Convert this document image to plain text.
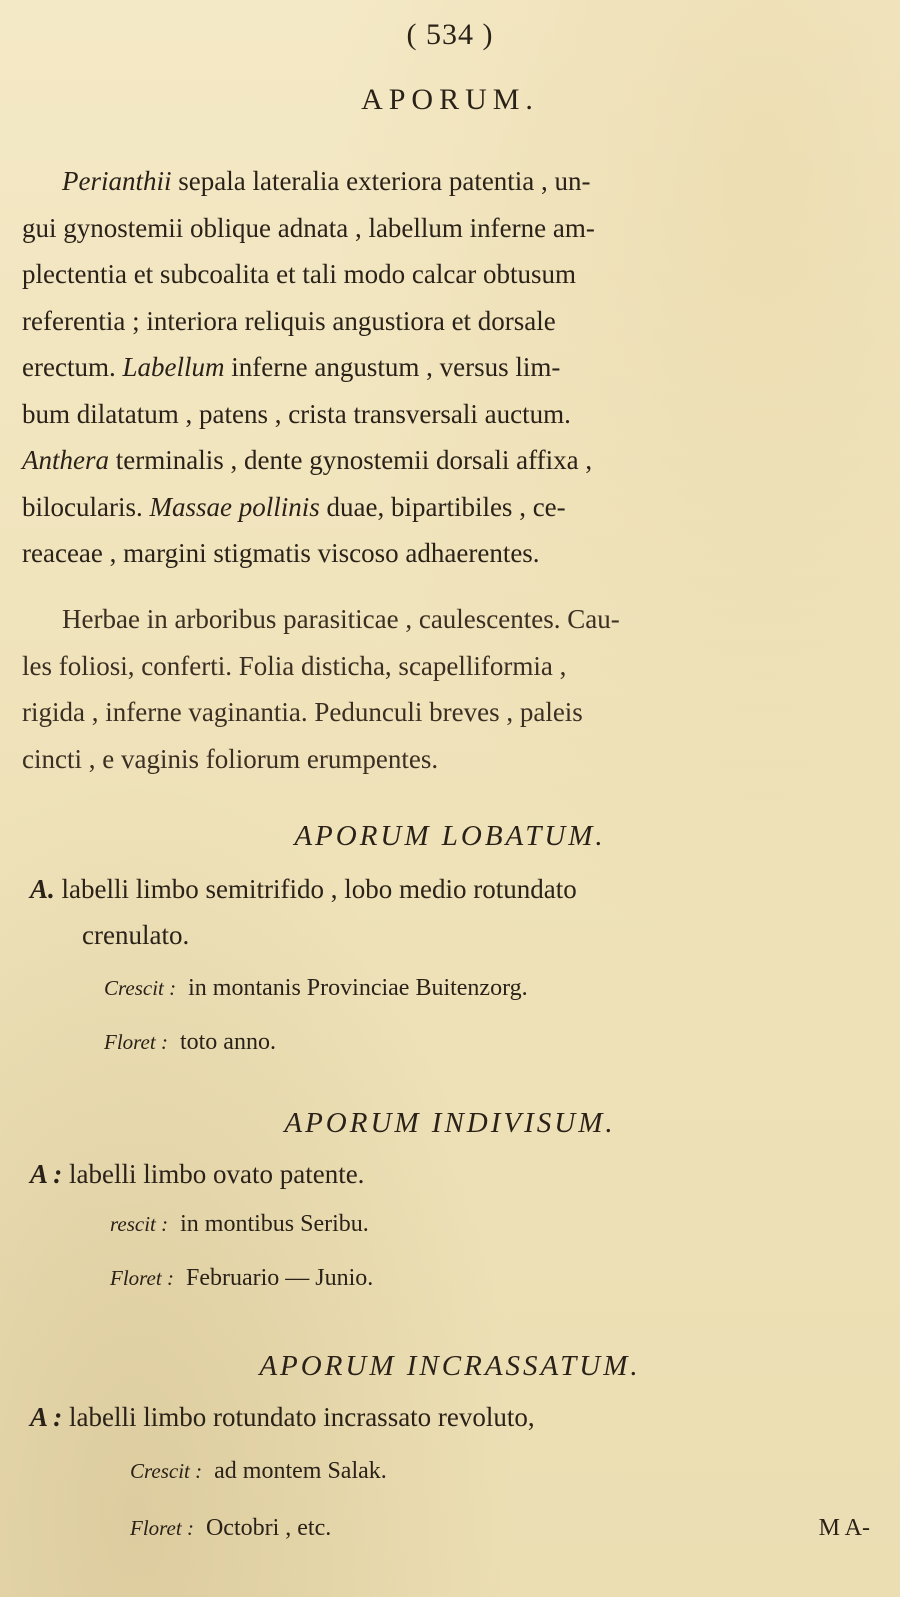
( 534 )
APORUM.
Perianthii sepala lateralia exteriora patentia , un-
gui gynostemii oblique adnata , labellum inferne am-
plectentia et subcoalita et tali modo calcar obtusum
referentia ; interiora reliquis angustiora et dorsale
erectum. Labellum inferne angustum , versus lim-
bum dilatatum , patens , crista transversali auctum.
Anthera terminalis , dente gynostemii dorsali affixa ,
bilocularis. Massae pollinis duae, bipartibiles , ce-
reaceae , margini stigmatis viscoso adhaerentes.
Herbae in arboribus parasiticae , caulescentes. Cau-
les foliosi, conferti. Folia disticha, scapelliformia ,
rigida , inferne vaginantia. Pedunculi breves , paleis
cincti , e vaginis foliorum erumpentes.
APORUM LOBATUM.
A. labelli limbo semitrifido , lobo medio rotundato
crenulato.
Crescit : in montanis Provinciae Buitenzorg.
Floret : toto anno.
APORUM INDIVISUM.
A : labelli limbo ovato patente.
rescit : in montibus Seribu.
Floret : Februario — Junio.
APORUM INCRASSATUM.
A : labelli limbo rotundato incrassato revoluto,
Crescit : ad montem Salak.
Floret : Octobri , etc.	M A-
